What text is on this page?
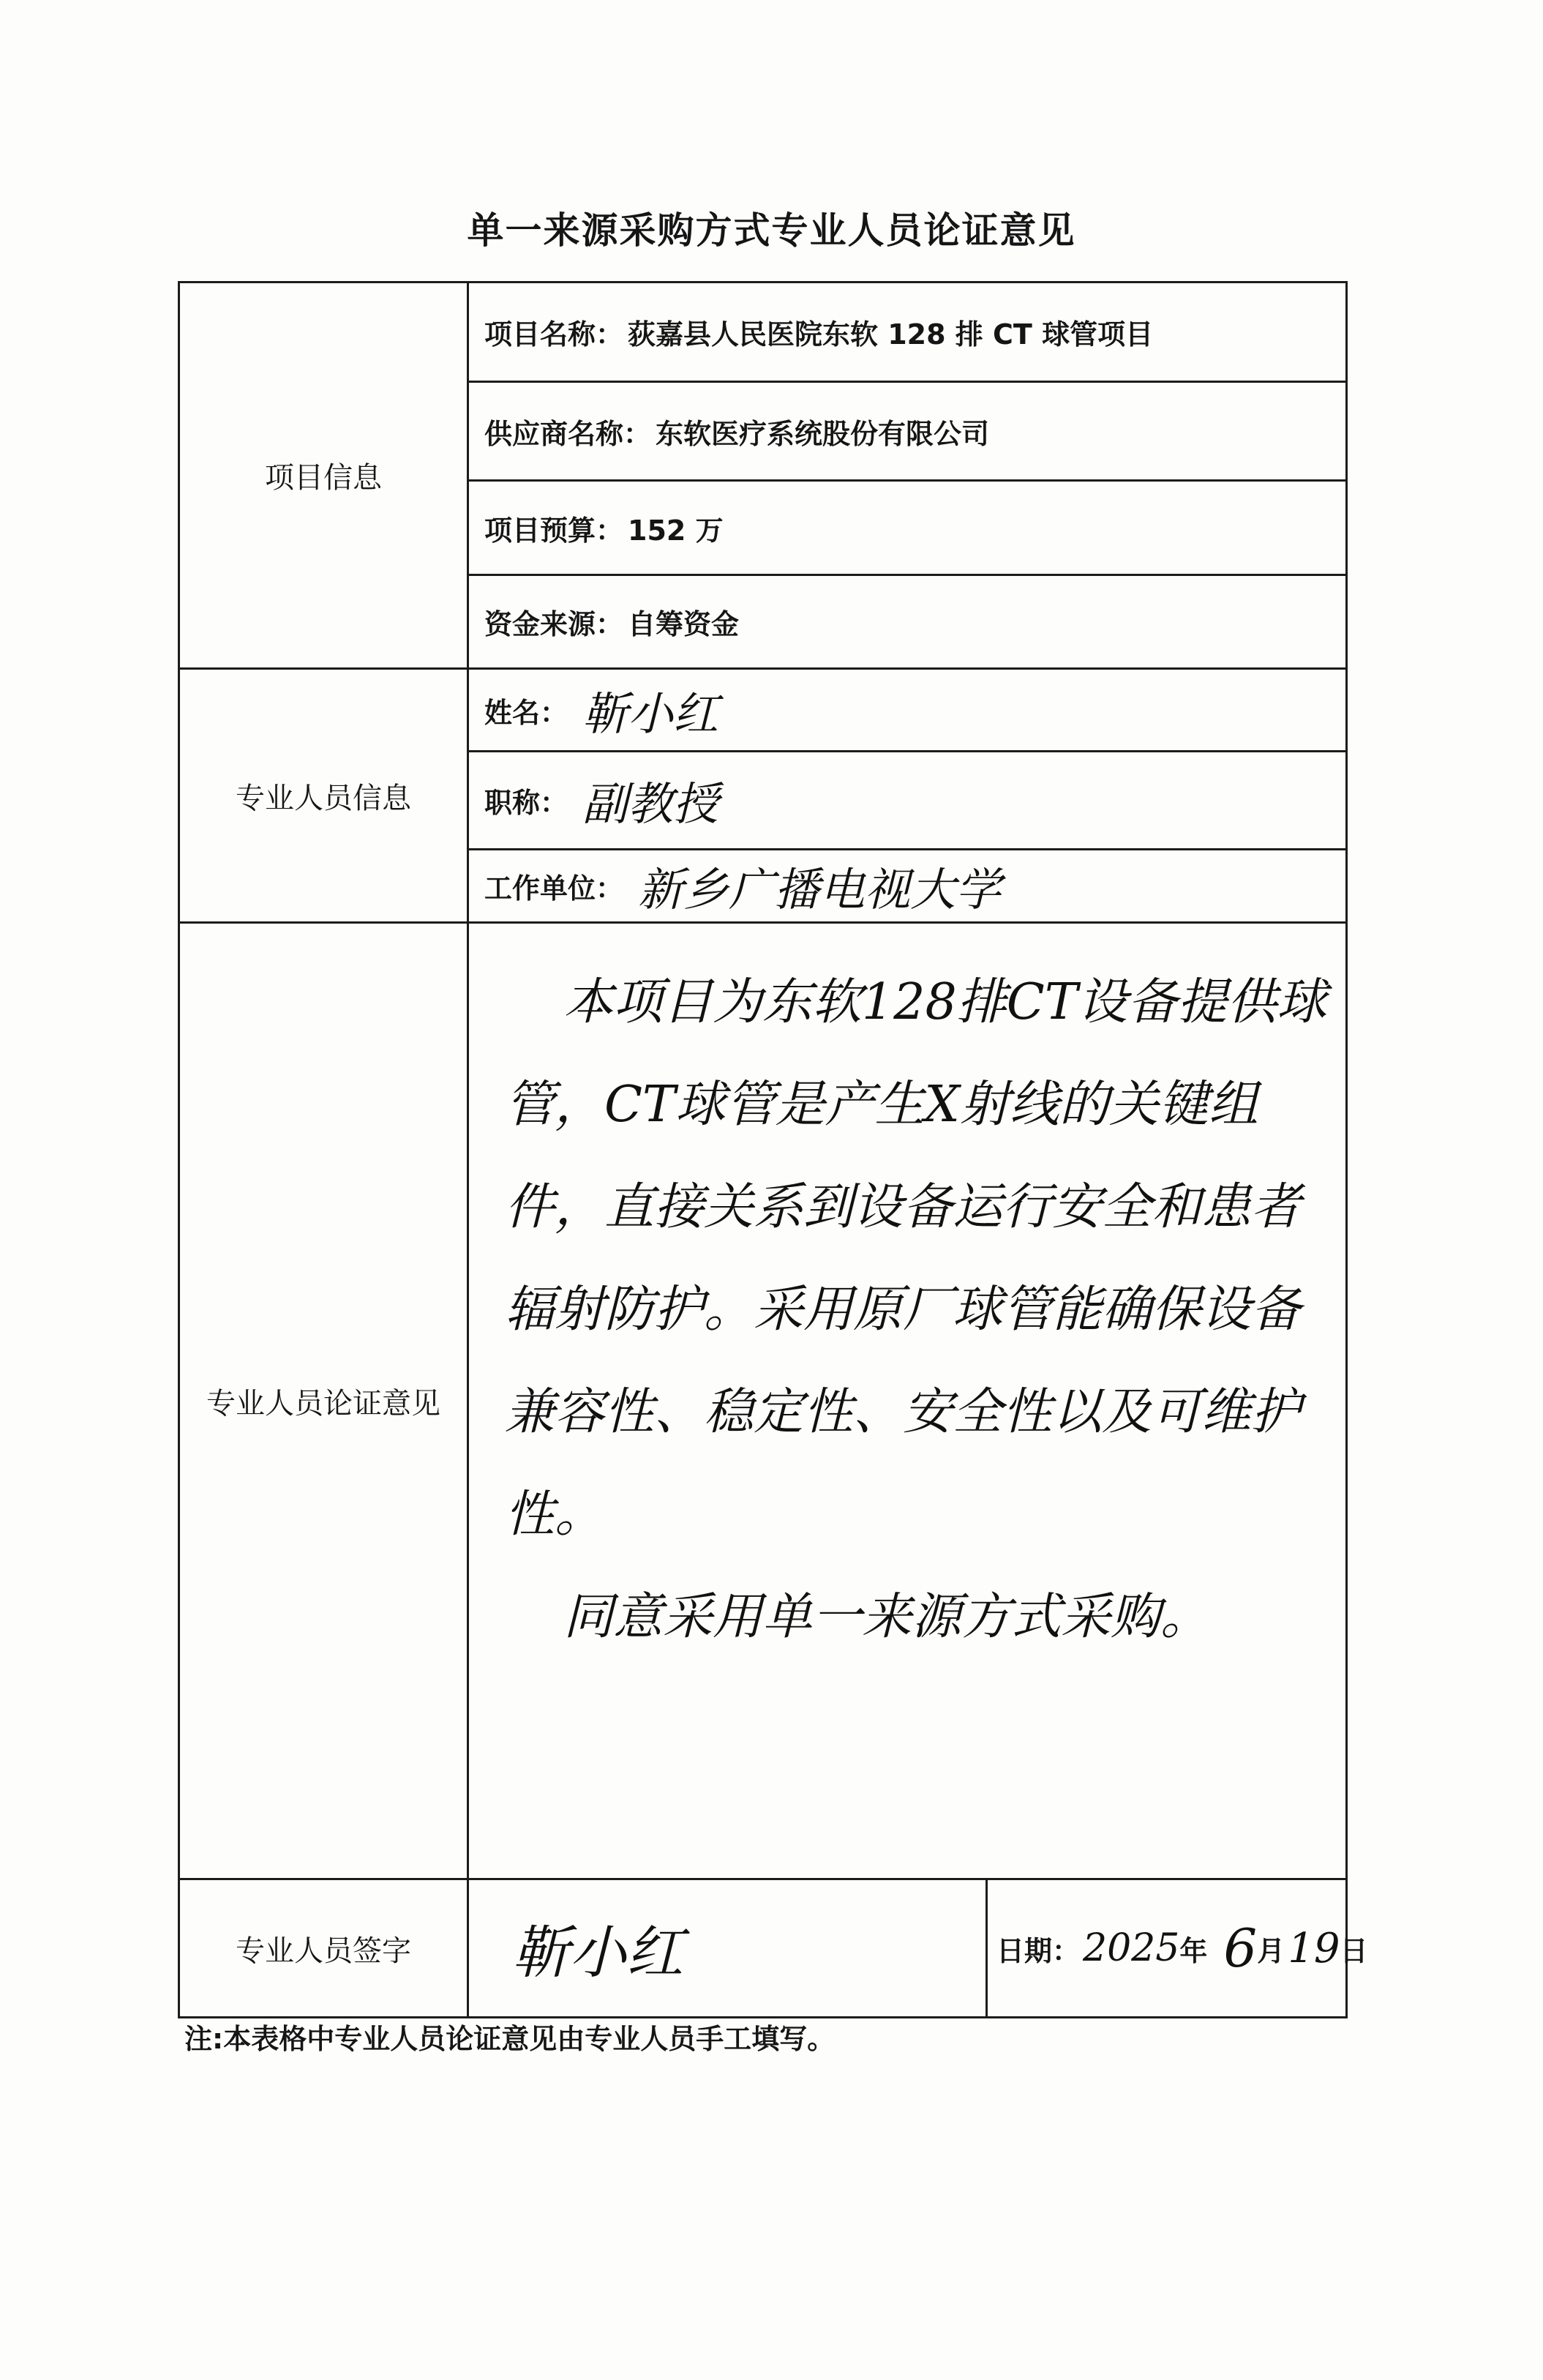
单一来源采购方式专业人员论证意见
项目信息
专业人员信息
专业人员论证意见
专业人员签字
项目名称： 荻嘉县人民医院东软 128 排 CT 球管项目
供应商名称： 东软医疗系统股份有限公司
项目预算： 152 万
资金来源： 自筹资金
姓名： 靳小红
职称： 副教授
工作单位： 新乡广播电视大学

本项目为东软128排CT设备提供球管，CT球管是产生X射线的关键组件，直接关系到设备运行安全和患者辐射防护。采用原厂球管能确保设备兼容性、稳定性、安全性以及可维护性。

同意采用单一来源方式采购。

靳小红	日期： 2025 年 6 月 19 日
注:本表格中专业人员论证意见由专业人员手工填写。
